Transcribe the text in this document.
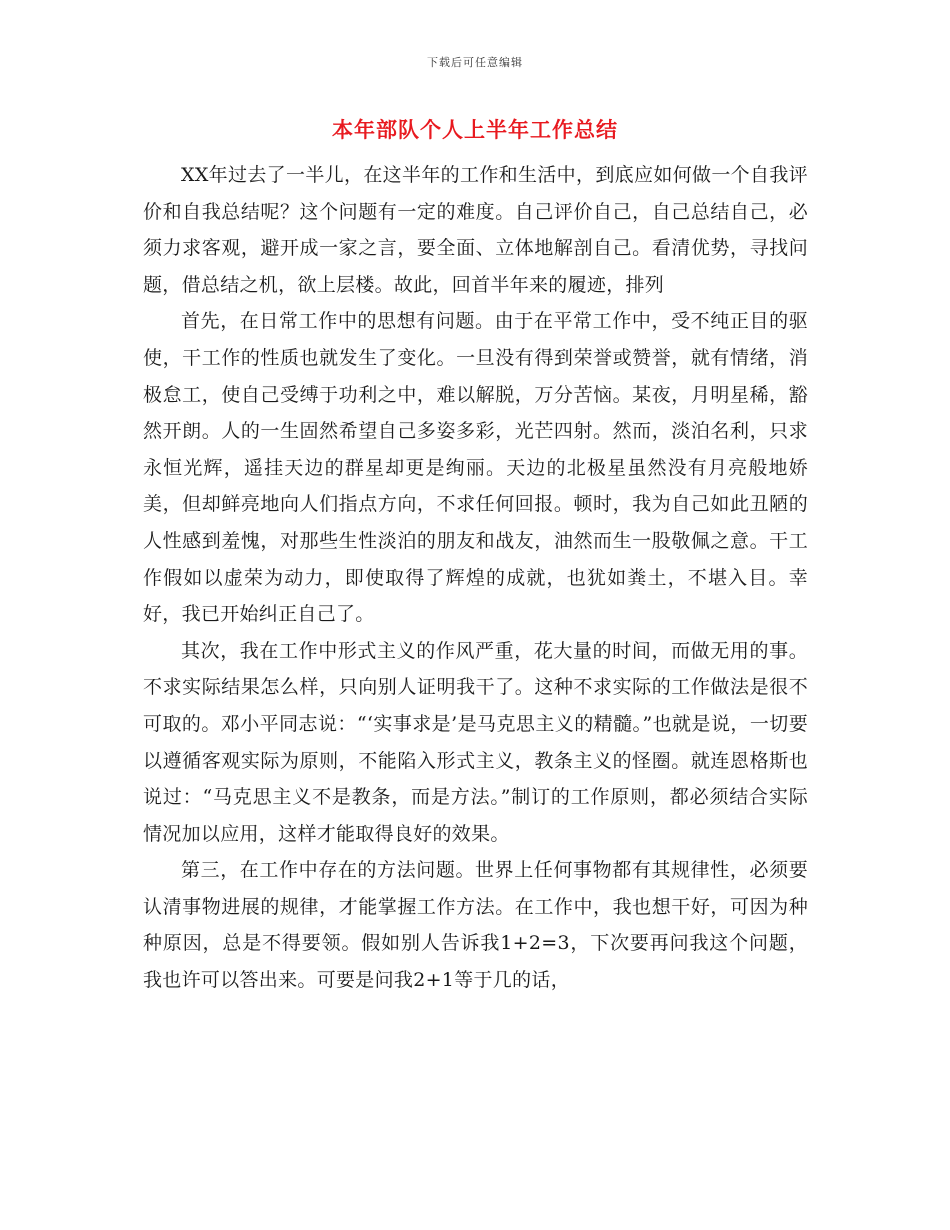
下载后可任意编辑
本年部队个人上半年工作总结

XX年过去了一半儿，在这半年的工作和生活中，到底应如何做一个自我评价和自我总结呢？这个问题有一定的难度。自己评价自己，自己总结自己，必须力求客观，避开成一家之言，要全面、立体地解剖自己。看清优势，寻找问题，借总结之机，欲上层楼。故此，回首半年来的履迹，排列

首先，在日常工作中的思想有问题。由于在平常工作中，受不纯正目的驱使，干工作的性质也就发生了变化。一旦没有得到荣誉或赞誉，就有情绪，消极怠工，使自己受缚于功利之中，难以解脱，万分苦恼。某夜，月明星稀，豁然开朗。人的一生固然希望自己多姿多彩，光芒四射。然而，淡泊名利，只求永恒光辉，遥挂天边的群星却更是绚丽。天边的北极星虽然没有月亮般地娇美，但却鲜亮地向人们指点方向，不求任何回报。顿时，我为自己如此丑陋的人性感到羞愧，对那些生性淡泊的朋友和战友，油然而生一股敬佩之意。干工作假如以虚荣为动力，即使取得了辉煌的成就，也犹如粪土，不堪入目。幸好，我已开始纠正自己了。

其次，我在工作中形式主义的作风严重，花大量的时间，而做无用的事。不求实际结果怎么样，只向别人证明我干了。这种不求实际的工作做法是很不可取的。邓小平同志说：“‘实事求是’是马克思主义的精髓。”也就是说，一切要以遵循客观实际为原则，不能陷入形式主义，教条主义的怪圈。就连恩格斯也说过：“马克思主义不是教条，而是方法。”制订的工作原则，都必须结合实际情况加以应用，这样才能取得良好的效果。

第三，在工作中存在的方法问题。世界上任何事物都有其规律性，必须要认清事物进展的规律，才能掌握工作方法。在工作中，我也想干好，可因为种种原因，总是不得要领。假如别人告诉我1+2=3，下次要再问我这个问题，我也许可以答出来。可要是问我2+1等于几的话，
